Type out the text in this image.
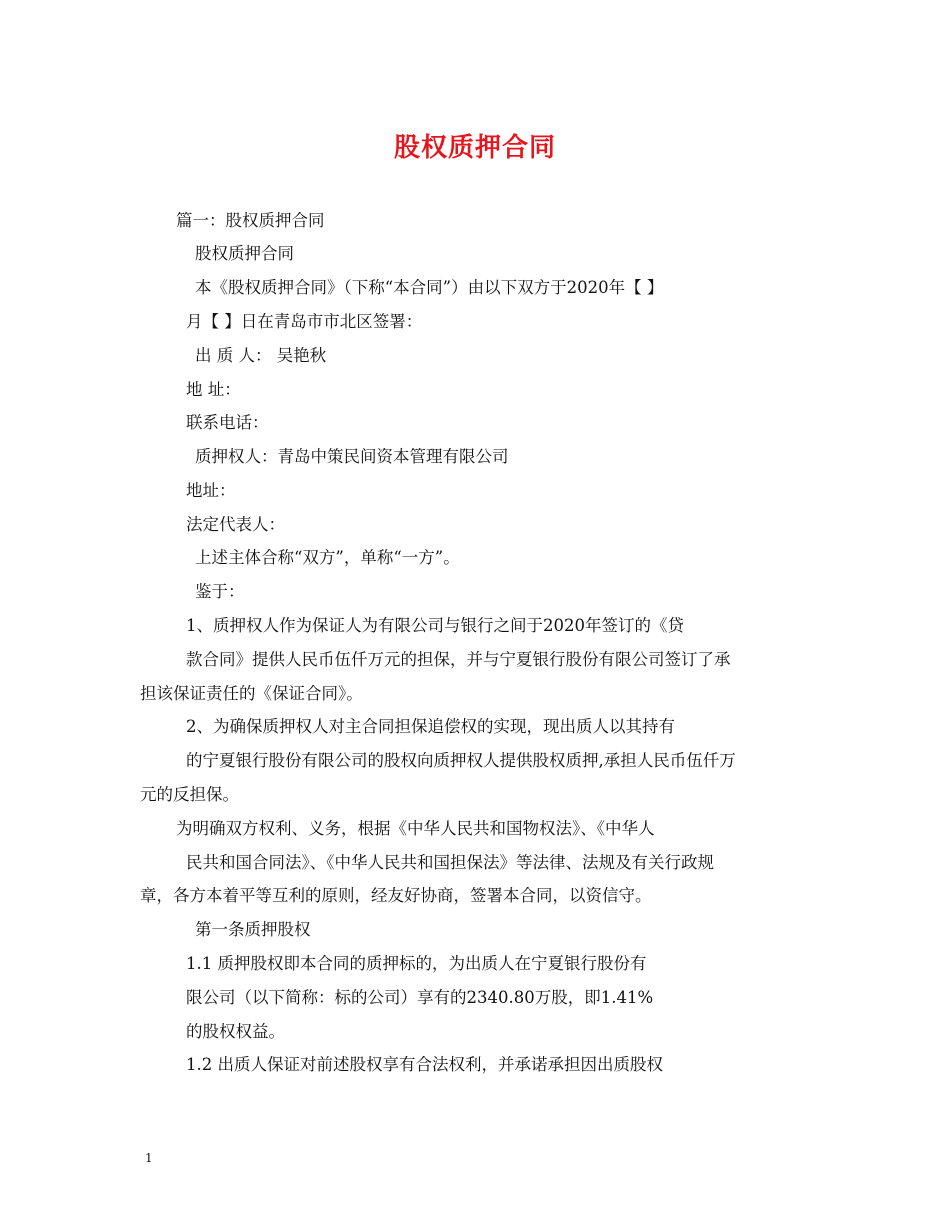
股权质押合同
篇一：股权质押合同
股权质押合同
本《股权质押合同》（下称“本合同”）由以下双方于2020年【 】
月【 】日在青岛市市北区签署：
出 质 人： 吴艳秋
地 址：
联系电话：
质押权人：青岛中策民间资本管理有限公司
地址：
法定代表人：
上述主体合称“双方”，单称“一方”。
鉴于：
1、质押权人作为保证人为有限公司与银行之间于2020年签订的《贷
款合同》提供人民币伍仟万元的担保，并与宁夏银行股份有限公司签订了承
担该保证责任的《保证合同》。
2、为确保质押权人对主合同担保追偿权的实现，现出质人以其持有
的宁夏银行股份有限公司的股权向质押权人提供股权质押,承担人民币伍仟万
元的反担保。
为明确双方权利、义务，根据《中华人民共和国物权法》、《中华人
民共和国合同法》、《中华人民共和国担保法》等法律、法规及有关行政规
章，各方本着平等互利的原则，经友好协商，签署本合同，以资信守。
第一条质押股权
1.1 质押股权即本合同的质押标的，为出质人在宁夏银行股份有
限公司（以下简称：标的公司）享有的2340.80万股，即1.41%
的股权权益。
1.2 出质人保证对前述股权享有合法权利，并承诺承担因出质股权
1
